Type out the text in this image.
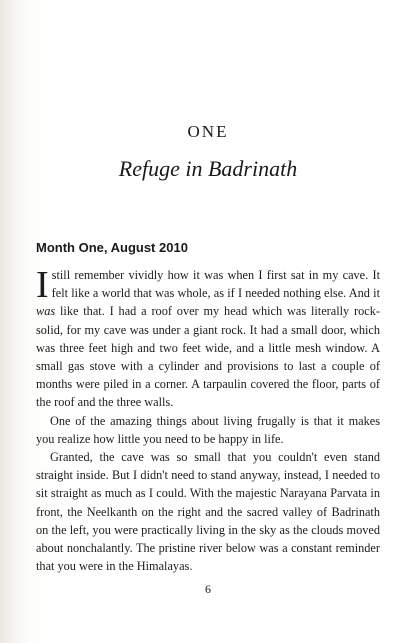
ONE
Refuge in Badrinath
Month One, August 2010

Istill remember vividly how it was when I first sat in my cave. It felt like a world that was whole, as if I needed nothing else. And it was like that. I had a roof over my head which was literally rock-solid, for my cave was under a giant rock. It had a small door, which was three feet high and two feet wide, and a little mesh window. A small gas stove with a cylinder and provisions to last a couple of months were piled in a corner. A tarpaulin covered the floor, parts of the roof and the three walls.

One of the amazing things about living frugally is that it makes you realize how little you need to be happy in life.

Granted, the cave was so small that you couldn't even stand straight inside. But I didn't need to stand anyway, instead, I needed to sit straight as much as I could. With the majestic Narayana Parvata in front, the Neelkanth on the right and the sacred valley of Badrinath on the left, you were practically living in the sky as the clouds moved about nonchalantly. The pristine river below was a constant reminder that you were in the Himalayas.

6
